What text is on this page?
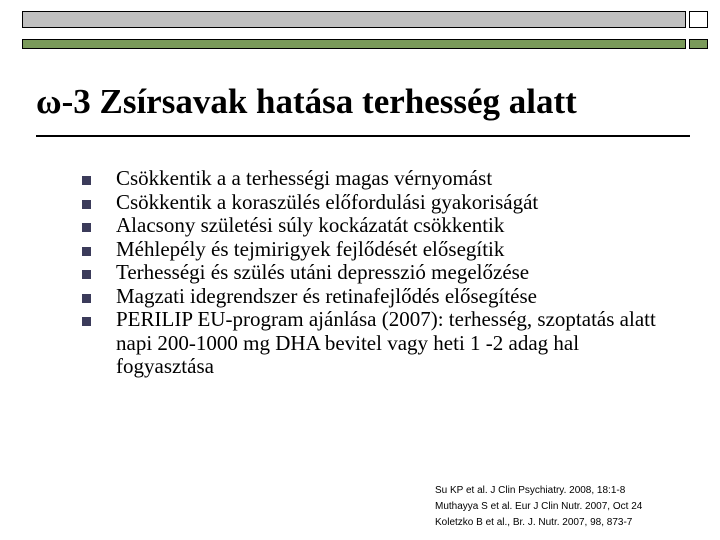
ω-3 Zsírsavak hatása terhesség alatt
Csökkentik a a terhességi magas vérnyomást
Csökkentik a koraszülés előfordulási gyakoriságát
Alacsony születési súly kockázatát csökkentik
Méhlepély és tejmirigyek fejlődését elősegítik
Terhességi és szülés utáni depresszió megelőzése
Magzati idegrendszer és retinafejlődés elősegítése
PERILIP EU-program ajánlása (2007): terhesség, szoptatás alatt napi 200-1000 mg DHA bevitel vagy heti 1 -2 adag hal fogyasztása
Su KP et al. J Clin Psychiatry. 2008, 18:1-8
Muthayya S et al. Eur J Clin Nutr. 2007, Oct 24
Koletzko B et al., Br. J. Nutr. 2007, 98, 873-7
